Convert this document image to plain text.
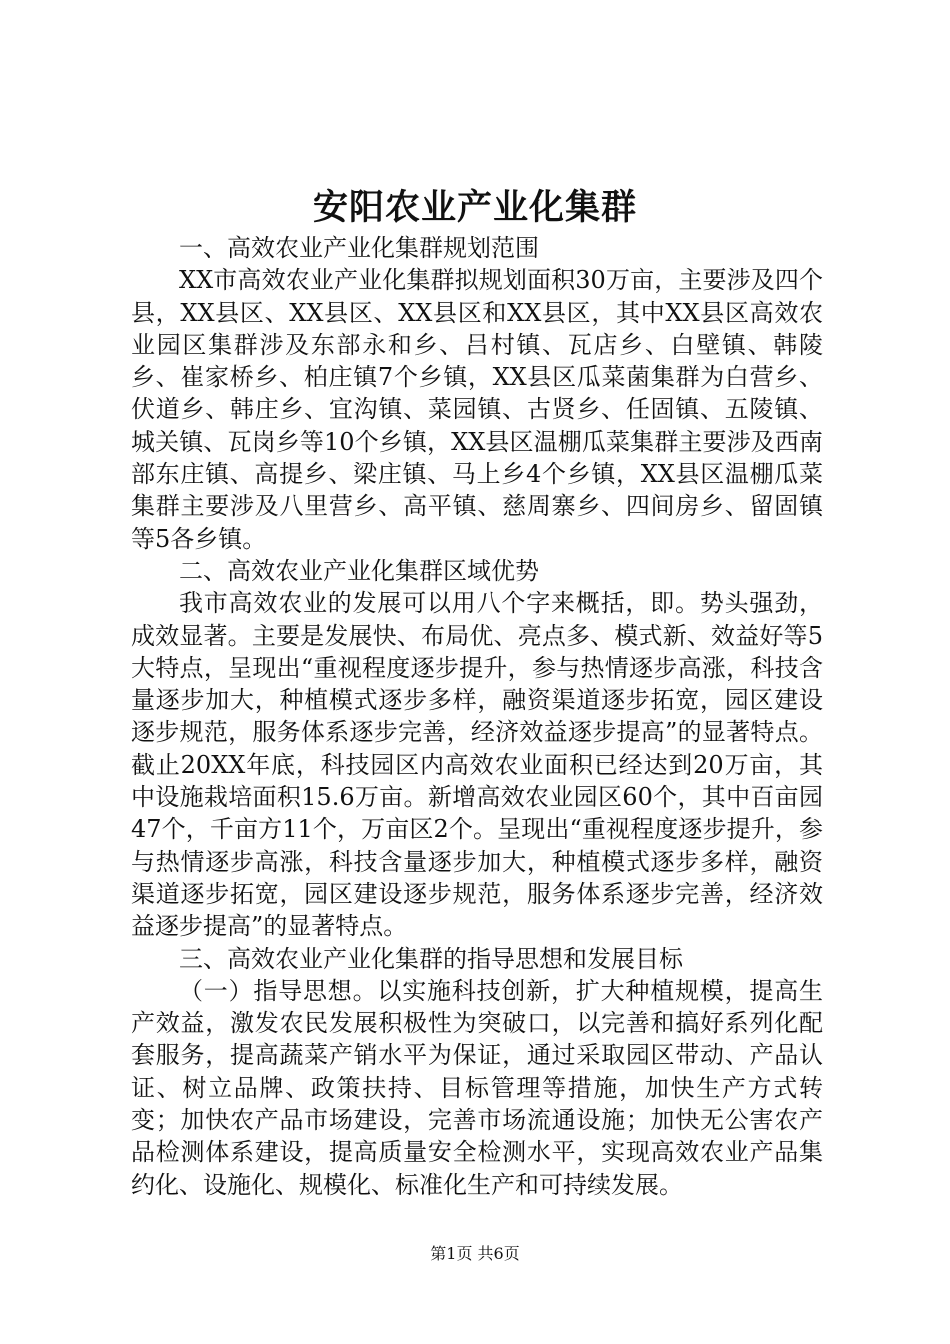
安阳农业产业化集群

一、高效农业产业化集群规划范围

XX市高效农业产业化集群拟规划面积30万亩，主要涉及四个县，XX县区、XX县区、XX县区和XX县区，其中XX县区高效农业园区集群涉及东部永和乡、吕村镇、瓦店乡、白壁镇、韩陵乡、崔家桥乡、柏庄镇7个乡镇，XX县区瓜菜菌集群为白营乡、伏道乡、韩庄乡、宜沟镇、菜园镇、古贤乡、任固镇、五陵镇、城关镇、瓦岗乡等10个乡镇，XX县区温棚瓜菜集群主要涉及西南部东庄镇、高提乡、梁庄镇、马上乡4个乡镇，XX县区温棚瓜菜集群主要涉及八里营乡、高平镇、慈周寨乡、四间房乡、留固镇等5各乡镇。

二、高效农业产业化集群区域优势

我市高效农业的发展可以用八个字来概括，即。势头强劲，成效显著。主要是发展快、布局优、亮点多、模式新、效益好等5大特点，呈现出“重视程度逐步提升，参与热情逐步高涨，科技含量逐步加大，种植模式逐步多样，融资渠道逐步拓宽，园区建设逐步规范，服务体系逐步完善，经济效益逐步提高”的显著特点。截止20XX年底，科技园区内高效农业面积已经达到20万亩，其中设施栽培面积15.6万亩。新增高效农业园区60个，其中百亩园47个，千亩方11个，万亩区2个。呈现出“重视程度逐步提升，参与热情逐步高涨，科技含量逐步加大，种植模式逐步多样，融资渠道逐步拓宽，园区建设逐步规范，服务体系逐步完善，经济效益逐步提高”的显著特点。

三、高效农业产业化集群的指导思想和发展目标

（一）指导思想。以实施科技创新，扩大种植规模，提高生产效益，激发农民发展积极性为突破口，以完善和搞好系列化配套服务，提高蔬菜产销水平为保证，通过采取园区带动、产品认证、树立品牌、政策扶持、目标管理等措施，加快生产方式转变；加快农产品市场建设，完善市场流通设施；加快无公害农产品检测体系建设，提高质量安全检测水平，实现高效农业产品集约化、设施化、规模化、标准化生产和可持续发展。

第1页 共6页
